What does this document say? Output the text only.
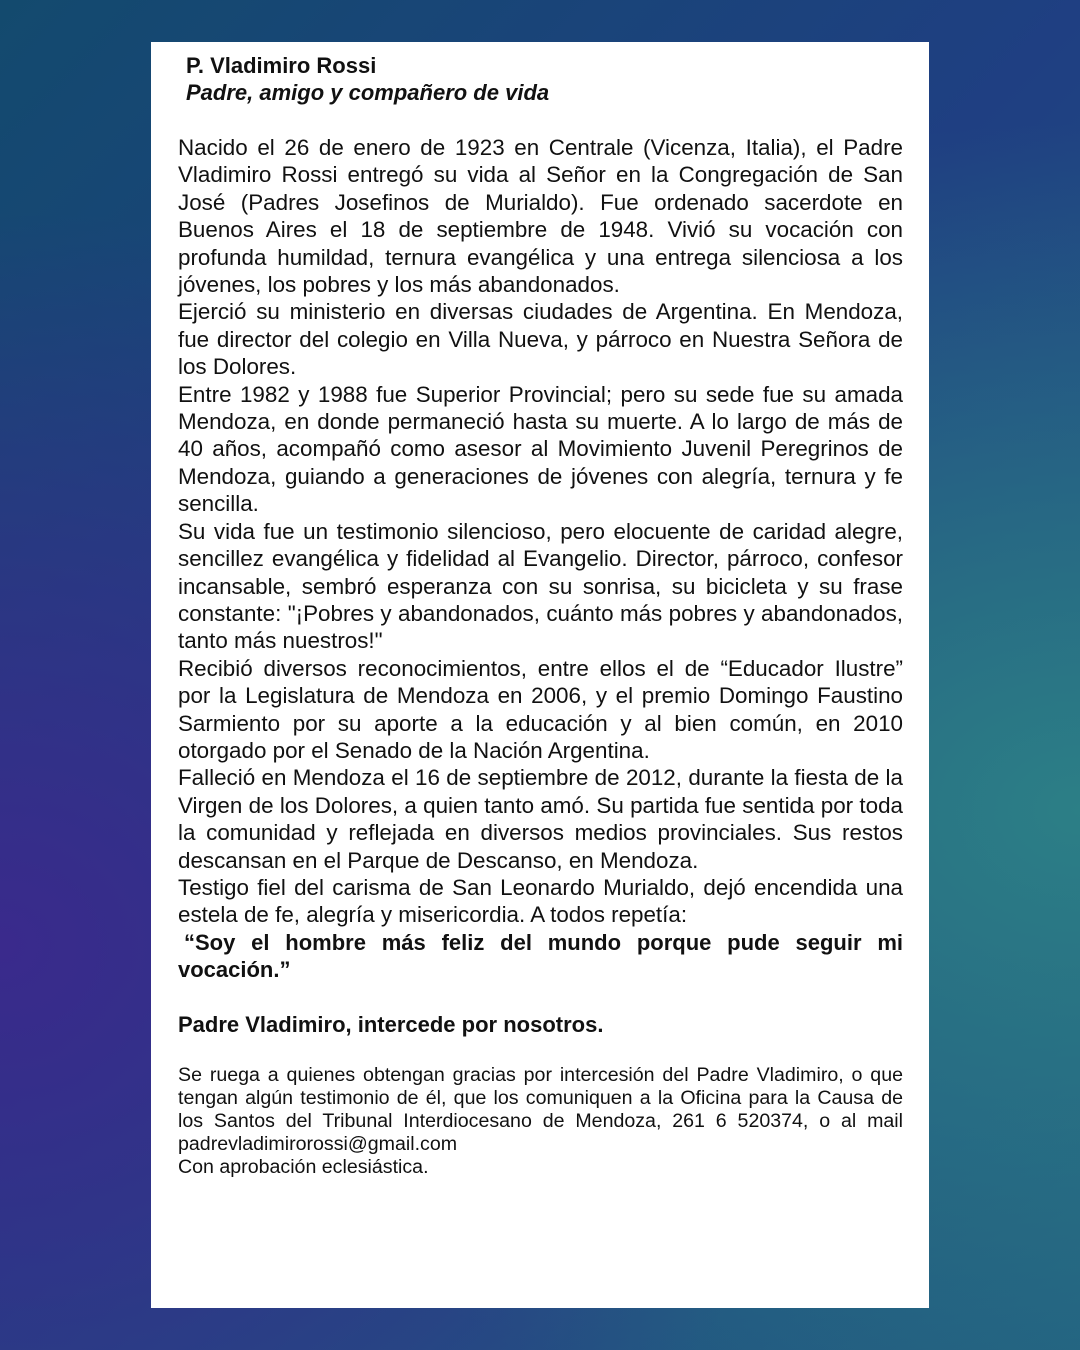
P. Vladimiro Rossi
Padre, amigo y compañero de vida

Nacido el 26 de enero de 1923 en Centrale (Vicenza, Italia), el Padre Vladimiro Rossi entregó su vida al Señor en la Congregación de San José (Padres Josefinos de Murialdo). Fue ordenado sacerdote en Buenos Aires el 18 de septiembre de 1948. Vivió su vocación con profunda humildad, ternura evangélica y una entrega silenciosa a los jóvenes, los pobres y los más abandonados.

Ejerció su ministerio en diversas ciudades de Argentina. En Mendoza, fue director del colegio en Villa Nueva, y párroco en Nuestra Señora de los Dolores.

Entre 1982 y 1988 fue Superior Provincial; pero su sede fue su amada Mendoza, en donde permaneció hasta su muerte. A lo largo de más de 40 años, acompañó como asesor al Movimiento Juvenil Peregrinos de Mendoza, guiando a generaciones de jóvenes con alegría, ternura y fe sencilla.

Su vida fue un testimonio silencioso, pero elocuente de caridad alegre, sencillez evangélica y fidelidad al Evangelio. Director, párroco, confesor incansable, sembró esperanza con su sonrisa, su bicicleta y su frase constante: "¡Pobres y abandonados, cuánto más pobres y abandonados, tanto más nuestros!"

Recibió diversos reconocimientos, entre ellos el de “Educador Ilustre” por la Legislatura de Mendoza en 2006, y el premio Domingo Faustino Sarmiento por su aporte a la educación y al bien común, en 2010 otorgado por el Senado de la Nación Argentina.

Falleció en Mendoza el 16 de septiembre de 2012, durante la fiesta de la Virgen de los Dolores, a quien tanto amó. Su partida fue sentida por toda la comunidad y reflejada en diversos medios provinciales. Sus restos descansan en el Parque de Descanso, en Mendoza.

Testigo fiel del carisma de San Leonardo Murialdo, dejó encendida una estela de fe, alegría y misericordia. A todos repetía:

“Soy el hombre más feliz del mundo porque pude seguir mi vocación.”

Padre Vladimiro, intercede por nosotros.

Se ruega a quienes obtengan gracias por intercesión del Padre Vladimiro, o que tengan algún testimonio de él, que los comuniquen a la Oficina para la Causa de los Santos del Tribunal Interdiocesano de Mendoza, 261 6 520374, o al mail padrevladimirorossi@gmail.com

Con aprobación eclesiástica.
